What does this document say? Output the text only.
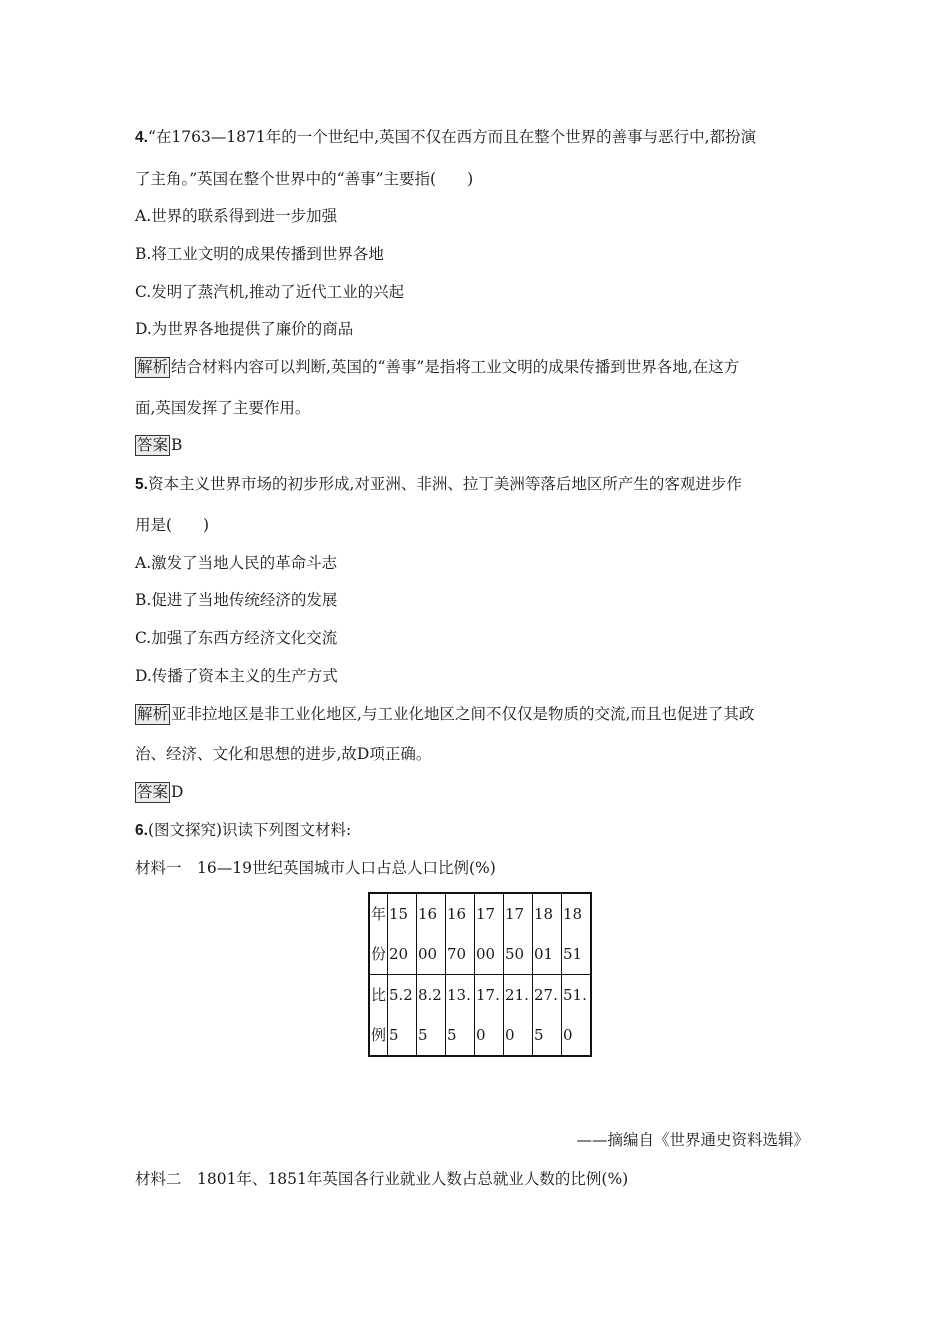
4.“在1763—1871年的一个世纪中,英国不仅在西方而且在整个世界的善事与恶行中,都扮演
了主角。”英国在整个世界中的“善事”主要指(　　)
A.世界的联系得到进一步加强
B.将工业文明的成果传播到世界各地
C.发明了蒸汽机,推动了近代工业的兴起
D.为世界各地提供了廉价的商品
解析 结合材料内容可以判断,英国的“善事”是指将工业文明的成果传播到世界各地,在这方
面,英国发挥了主要作用。
答案 B
5.资本主义世界市场的初步形成,对亚洲、非洲、拉丁美洲等落后地区所产生的客观进步作
用是(　　)
A.激发了当地人民的革命斗志
B.促进了当地传统经济的发展
C.加强了东西方经济文化交流
D.传播了资本主义的生产方式
解析 亚非拉地区是非工业化地区,与工业化地区之间不仅仅是物质的交流,而且也促进了其政
治、经济、文化和思想的进步,故D项正确。
答案 D
6.(图文探究)识读下列图文材料:
材料一　16—19世纪英国城市人口占总人口比例(%)
年份	1520	1600	1670	1700	1750	1801	1851
比例	5.25	8.25	13.5	17.0	21.0	27.5	51.0
——摘编自《世界通史资料选辑》
材料二　1801年、1851年英国各行业就业人数占总就业人数的比例(%)
